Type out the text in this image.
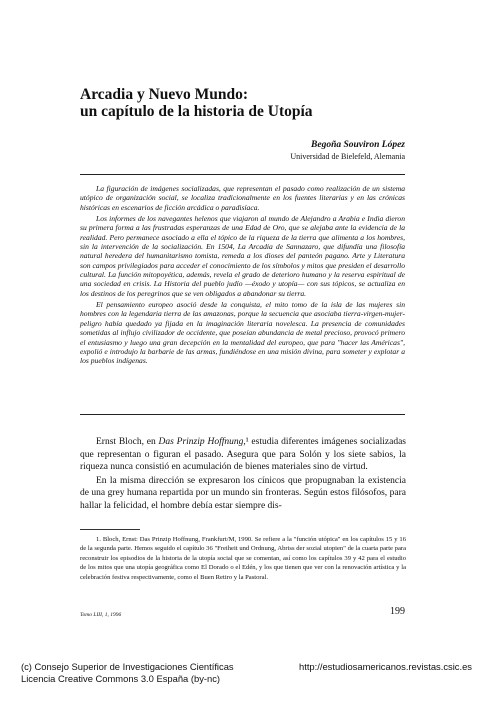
Arcadia y Nuevo Mundo:
un capítulo de la historia de Utopía
Begoña Souviron López
Universidad de Bielefeld, Alemania

La figuración de imágenes socializadas, que representan el pasado como realización de un sistema utópico de organización social, se localiza tradicionalmente en los fuentes literarias y en las crónicas históricas en escenarios de ficción arcádica o paradisíaca.

Los informes de los navegantes helenos que viajaron al mundo de Alejandro a Arabia e India dieron su primera forma a las frustradas esperanzas de una Edad de Oro, que se alejaba ante la evidencia de la realidad. Pero permanece asociado a ella el tópico de la riqueza de la tierra que alimenta a los hombres, sin la intervención de la socialización. En 1504, La Arcadia de Sannazaro, que difundía una filosofía natural heredera del humanitarismo tomista, remeda a los dioses del panteón pagano. Arte y Literatura son campos privilegiados para acceder el conocimiento de los símbolos y mitos que presiden el desarrollo cultural. La función mitopoyética, además, revela el grado de deterioro humano y la reserva espiritual de una sociedad en crisis. La Historia del pueblo judío —éxodo y utopía— con sus tópicos, se actualiza en los destinos de los peregrinos que se ven obligados a abandonar su tierra.

El pensamiento europeo asoció desde la conquista, el mito tomo de la isla de las mujeres sin hombres con la legendaria tierra de las amazonas, porque la secuencia que asociaba tierra-virgen-mujer-peligro había quedado ya fijada en la imaginación literaria novelesca. La presencia de comunidades sometidas al influjo civilizador de occidente, que poseían abundancia de metal precioso, provocó primero el entusiasmo y luego una gran decepción en la mentalidad del europeo, que para "hacer las Américas", expolió e introdujo la barbarie de las armas, fundiéndose en una misión divina, para someter y explotar a los pueblos indígenas.

Ernst Bloch, en Das Prinzip Hoffnung,¹ estudia diferentes imágenes socializadas que representan o figuran el pasado. Asegura que para Solón y los siete sabios, la riqueza nunca consistió en acumulación de bienes materiales sino de virtud.

En la misma dirección se expresaron los cínicos que propugnaban la existencia de una grey humana repartida por un mundo sin fronteras. Según estos filósofos, para hallar la felicidad, el hombre debía estar siempre dis-

1. Bloch, Ernst: Das Prinzip Hoffnung, Frankfurt/M, 1990. Se refiere a la "función utópica" en los capítulos 15 y 16 de la segunda parte. Hemos seguido el capítulo 36 "Freiheit und Ordnung, Abriss der sozial utopien" de la cuarta parte para reconstruir los episodios de la historia de la utopía social que se comentan, así como los capítulos 39 y 42 para el estudio de los mitos que una utopía geográfica como El Dorado o el Edén, y los que tienen que ver con la renovación artística y la celebración festiva respectivamente, como el Buen Retiro y la Pastoral.

Tomo LIII, 1, 1996	199
(c) Consejo Superior de Investigaciones Científicas
Licencia Creative Commons 3.0 España (by-nc)
http://estudiosamericanos.revistas.csic.es
